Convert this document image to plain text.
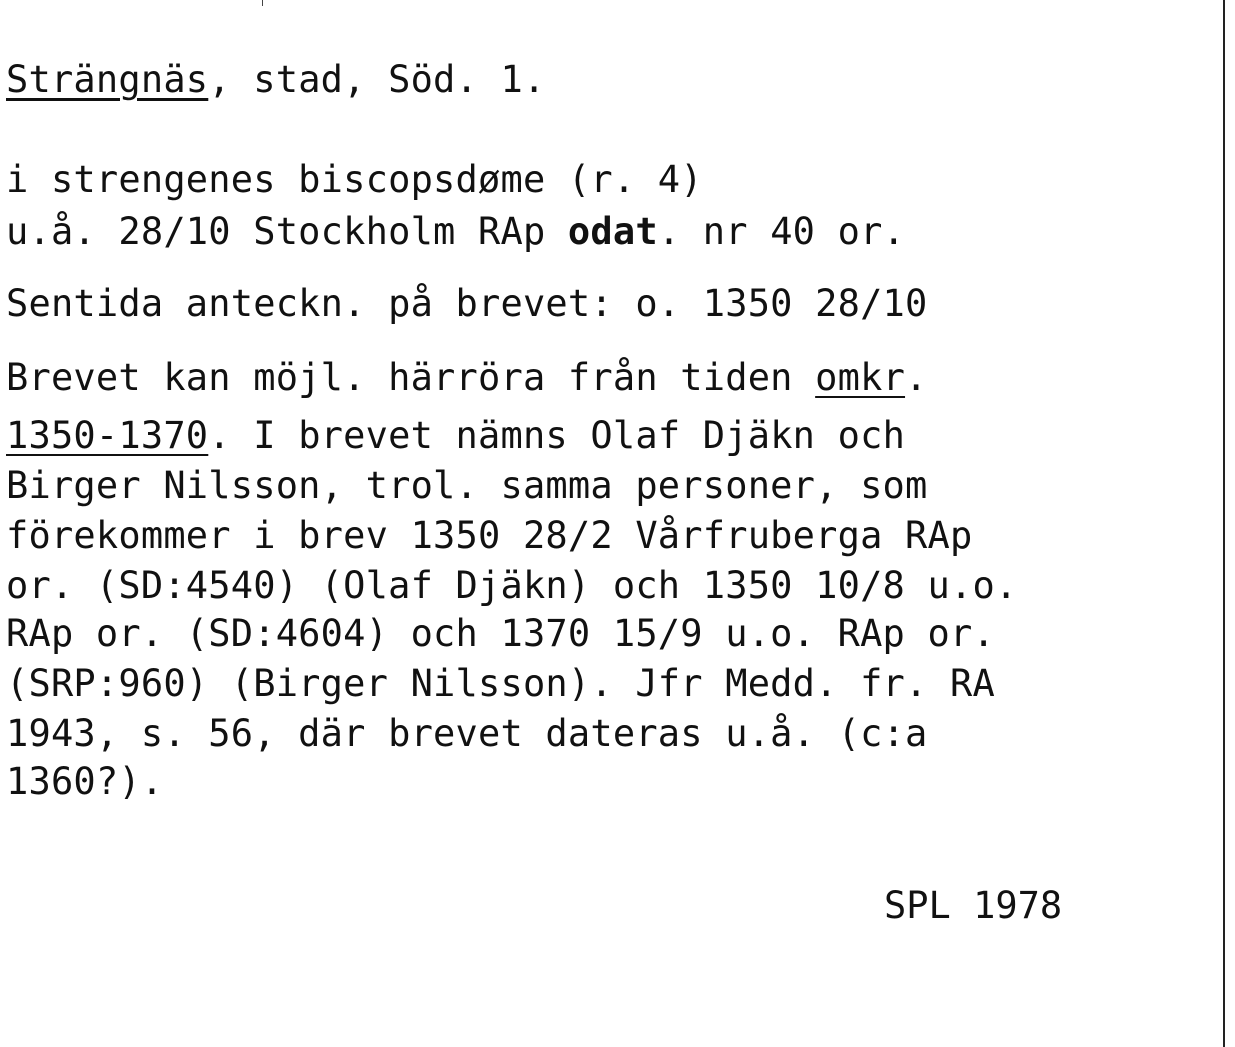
Strängnäs, stad, Söd. 1.
i strengenes biscopsdøme (r. 4)
u.å. 28/10 Stockholm RAp odat. nr 40 or.
Sentida anteckn. på brevet: o. 1350 28/10
Brevet kan möjl. härröra från tiden omkr.
1350-1370. I brevet nämns Olaf Djäkn och
Birger Nilsson, trol. samma personer, som
förekommer i brev 1350 28/2 Vårfruberga RAp
or. (SD:4540) (Olaf Djäkn) och 1350 10/8 u.o.
RAp or. (SD:4604) och 1370 15/9 u.o. RAp or.
(SRP:960) (Birger Nilsson). Jfr Medd. fr. RA
1943, s. 56, där brevet dateras u.å. (c:a
1360?).
SPL 1978
